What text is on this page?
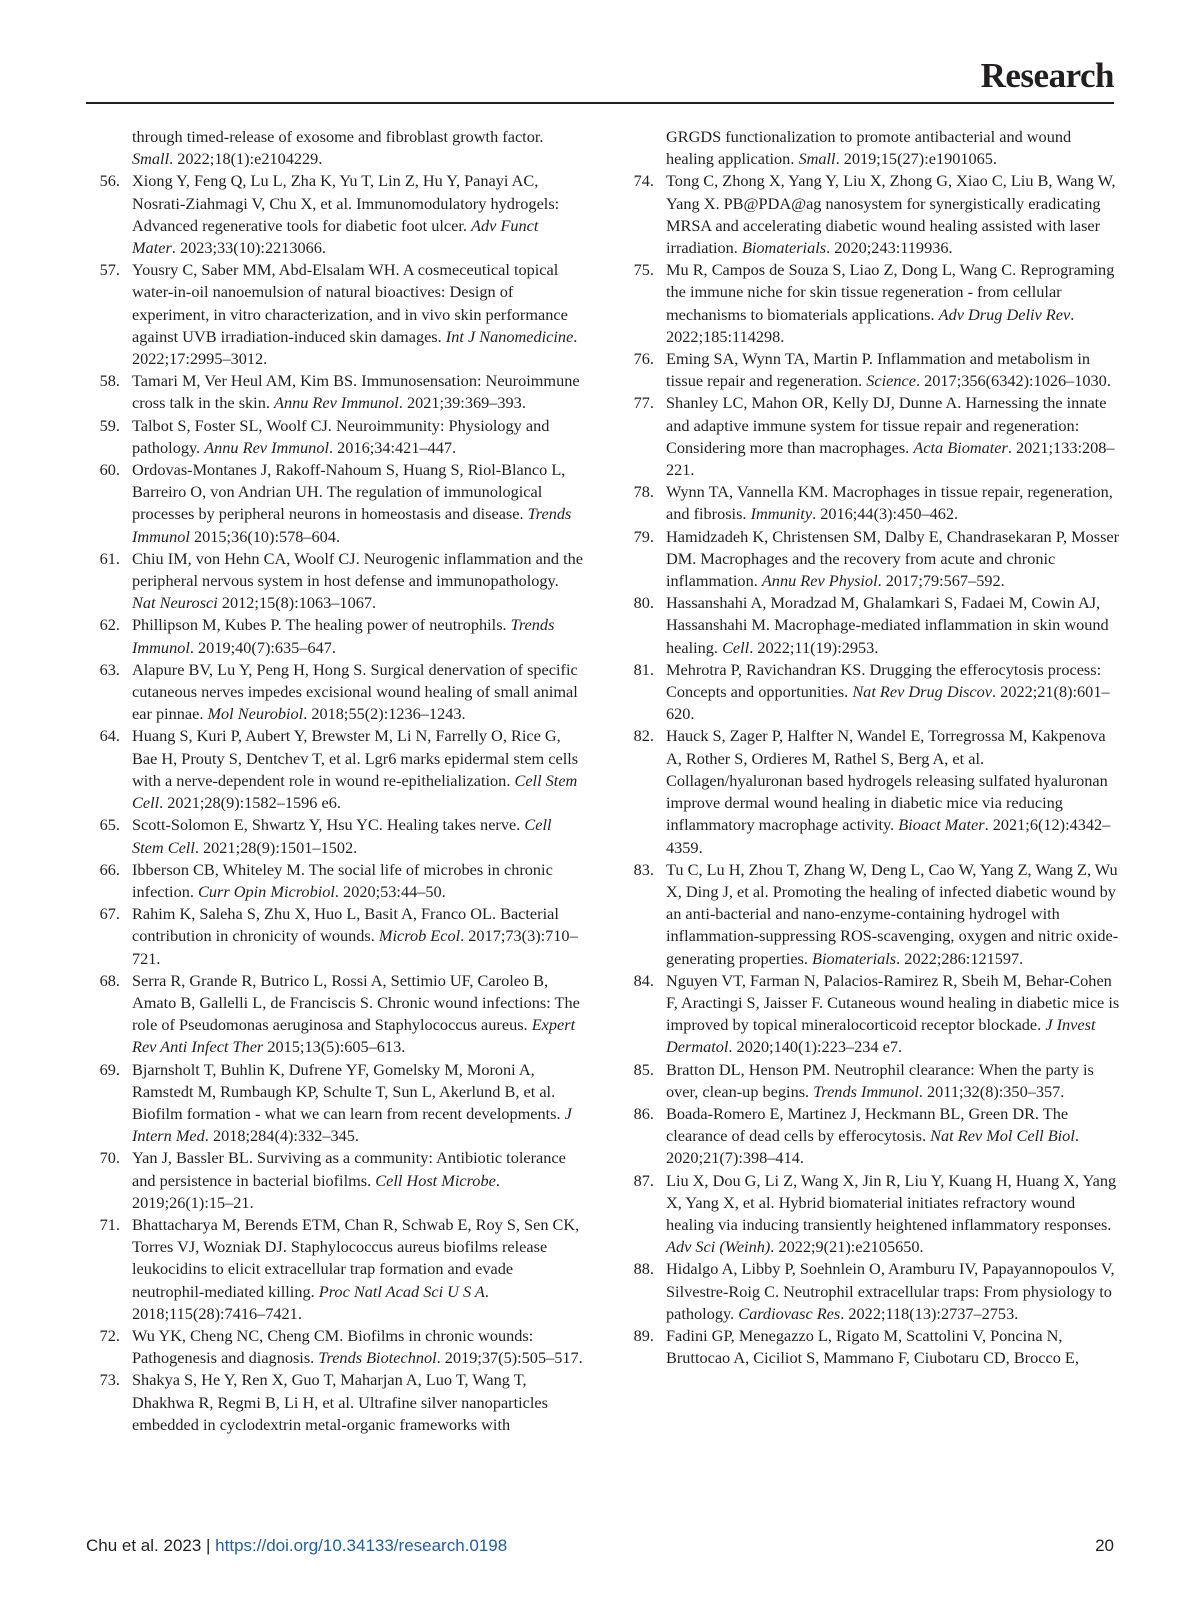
Research
through timed-release of exosome and fibroblast growth factor. Small. 2022;18(1):e2104229.
56. Xiong Y, Feng Q, Lu L, Zha K, Yu T, Lin Z, Hu Y, Panayi AC, Nosrati-Ziahmagi V, Chu X, et al. Immunomodulatory hydrogels: Advanced regenerative tools for diabetic foot ulcer. Adv Funct Mater. 2023;33(10):2213066.
57. Yousry C, Saber MM, Abd-Elsalam WH. A cosmeceutical topical water-in-oil nanoemulsion of natural bioactives: Design of experiment, in vitro characterization, and in vivo skin performance against UVB irradiation-induced skin damages. Int J Nanomedicine. 2022;17:2995–3012.
58. Tamari M, Ver Heul AM, Kim BS. Immunosensation: Neuroimmune cross talk in the skin. Annu Rev Immunol. 2021;39:369–393.
59. Talbot S, Foster SL, Woolf CJ. Neuroimmunity: Physiology and pathology. Annu Rev Immunol. 2016;34:421–447.
60. Ordovas-Montanes J, Rakoff-Nahoum S, Huang S, Riol-Blanco L, Barreiro O, von Andrian UH. The regulation of immunological processes by peripheral neurons in homeostasis and disease. Trends Immunol 2015;36(10):578–604.
61. Chiu IM, von Hehn CA, Woolf CJ. Neurogenic inflammation and the peripheral nervous system in host defense and immunopathology. Nat Neurosci 2012;15(8):1063–1067.
62. Phillipson M, Kubes P. The healing power of neutrophils. Trends Immunol. 2019;40(7):635–647.
63. Alapure BV, Lu Y, Peng H, Hong S. Surgical denervation of specific cutaneous nerves impedes excisional wound healing of small animal ear pinnae. Mol Neurobiol. 2018;55(2):1236–1243.
64. Huang S, Kuri P, Aubert Y, Brewster M, Li N, Farrelly O, Rice G, Bae H, Prouty S, Dentchev T, et al. Lgr6 marks epidermal stem cells with a nerve-dependent role in wound re-epithelialization. Cell Stem Cell. 2021;28(9):1582–1596 e6.
65. Scott-Solomon E, Shwartz Y, Hsu YC. Healing takes nerve. Cell Stem Cell. 2021;28(9):1501–1502.
66. Ibberson CB, Whiteley M. The social life of microbes in chronic infection. Curr Opin Microbiol. 2020;53:44–50.
67. Rahim K, Saleha S, Zhu X, Huo L, Basit A, Franco OL. Bacterial contribution in chronicity of wounds. Microb Ecol. 2017;73(3):710–721.
68. Serra R, Grande R, Butrico L, Rossi A, Settimio UF, Caroleo B, Amato B, Gallelli L, de Franciscis S. Chronic wound infections: The role of Pseudomonas aeruginosa and Staphylococcus aureus. Expert Rev Anti Infect Ther 2015;13(5):605–613.
69. Bjarnsholt T, Buhlin K, Dufrene YF, Gomelsky M, Moroni A, Ramstedt M, Rumbaugh KP, Schulte T, Sun L, Akerlund B, et al. Biofilm formation - what we can learn from recent developments. J Intern Med. 2018;284(4):332–345.
70. Yan J, Bassler BL. Surviving as a community: Antibiotic tolerance and persistence in bacterial biofilms. Cell Host Microbe. 2019;26(1):15–21.
71. Bhattacharya M, Berends ETM, Chan R, Schwab E, Roy S, Sen CK, Torres VJ, Wozniak DJ. Staphylococcus aureus biofilms release leukocidins to elicit extracellular trap formation and evade neutrophil-mediated killing. Proc Natl Acad Sci U S A. 2018;115(28):7416–7421.
72. Wu YK, Cheng NC, Cheng CM. Biofilms in chronic wounds: Pathogenesis and diagnosis. Trends Biotechnol. 2019;37(5):505–517.
73. Shakya S, He Y, Ren X, Guo T, Maharjan A, Luo T, Wang T, Dhakhwa R, Regmi B, Li H, et al. Ultrafine silver nanoparticles embedded in cyclodextrin metal-organic frameworks with
GRGDS functionalization to promote antibacterial and wound healing application. Small. 2019;15(27):e1901065.
74. Tong C, Zhong X, Yang Y, Liu X, Zhong G, Xiao C, Liu B, Wang W, Yang X. PB@PDA@ag nanosystem for synergistically eradicating MRSA and accelerating diabetic wound healing assisted with laser irradiation. Biomaterials. 2020;243:119936.
75. Mu R, Campos de Souza S, Liao Z, Dong L, Wang C. Reprograming the immune niche for skin tissue regeneration - from cellular mechanisms to biomaterials applications. Adv Drug Deliv Rev. 2022;185:114298.
76. Eming SA, Wynn TA, Martin P. Inflammation and metabolism in tissue repair and regeneration. Science. 2017;356(6342):1026–1030.
77. Shanley LC, Mahon OR, Kelly DJ, Dunne A. Harnessing the innate and adaptive immune system for tissue repair and regeneration: Considering more than macrophages. Acta Biomater. 2021;133:208–221.
78. Wynn TA, Vannella KM. Macrophages in tissue repair, regeneration, and fibrosis. Immunity. 2016;44(3):450–462.
79. Hamidzadeh K, Christensen SM, Dalby E, Chandrasekaran P, Mosser DM. Macrophages and the recovery from acute and chronic inflammation. Annu Rev Physiol. 2017;79:567–592.
80. Hassanshahi A, Moradzad M, Ghalamkari S, Fadaei M, Cowin AJ, Hassanshahi M. Macrophage-mediated inflammation in skin wound healing. Cell. 2022;11(19):2953.
81. Mehrotra P, Ravichandran KS. Drugging the efferocytosis process: Concepts and opportunities. Nat Rev Drug Discov. 2022;21(8):601–620.
82. Hauck S, Zager P, Halfter N, Wandel E, Torregrossa M, Kakpenova A, Rother S, Ordieres M, Rathel S, Berg A, et al. Collagen/hyaluronan based hydrogels releasing sulfated hyaluronan improve dermal wound healing in diabetic mice via reducing inflammatory macrophage activity. Bioact Mater. 2021;6(12):4342–4359.
83. Tu C, Lu H, Zhou T, Zhang W, Deng L, Cao W, Yang Z, Wang Z, Wu X, Ding J, et al. Promoting the healing of infected diabetic wound by an anti-bacterial and nano-enzyme-containing hydrogel with inflammation-suppressing ROS-scavenging, oxygen and nitric oxide-generating properties. Biomaterials. 2022;286:121597.
84. Nguyen VT, Farman N, Palacios-Ramirez R, Sbeih M, Behar-Cohen F, Aractingi S, Jaisser F. Cutaneous wound healing in diabetic mice is improved by topical mineralocorticoid receptor blockade. J Invest Dermatol. 2020;140(1):223–234 e7.
85. Bratton DL, Henson PM. Neutrophil clearance: When the party is over, clean-up begins. Trends Immunol. 2011;32(8):350–357.
86. Boada-Romero E, Martinez J, Heckmann BL, Green DR. The clearance of dead cells by efferocytosis. Nat Rev Mol Cell Biol. 2020;21(7):398–414.
87. Liu X, Dou G, Li Z, Wang X, Jin R, Liu Y, Kuang H, Huang X, Yang X, Yang X, et al. Hybrid biomaterial initiates refractory wound healing via inducing transiently heightened inflammatory responses. Adv Sci (Weinh). 2022;9(21):e2105650.
88. Hidalgo A, Libby P, Soehnlein O, Aramburu IV, Papayannopoulos V, Silvestre-Roig C. Neutrophil extracellular traps: From physiology to pathology. Cardiovasc Res. 2022;118(13):2737–2753.
89. Fadini GP, Menegazzo L, Rigato M, Scattolini V, Poncina N, Bruttocao A, Ciciliot S, Mammano F, Ciubotaru CD, Brocco E,
Chu et al. 2023 | https://doi.org/10.34133/research.0198	20
